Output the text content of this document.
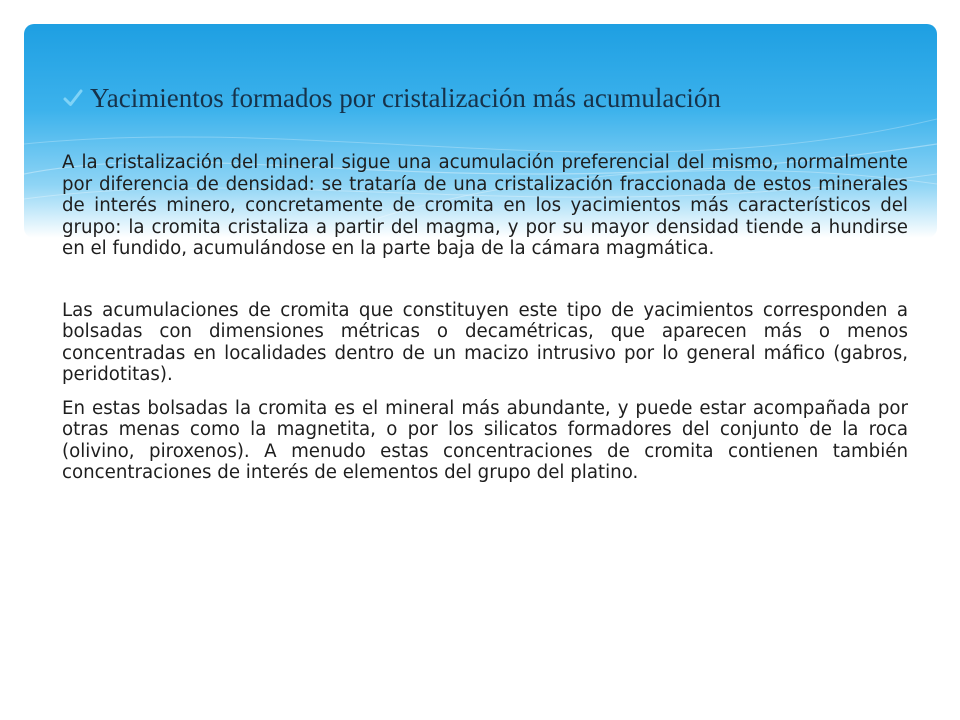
Yacimientos formados por cristalización más acumulación

A la cristalización del mineral sigue una acumulación preferencial del mismo, normalmente por diferencia de densidad: se trataría de una cristalización fraccionada de estos minerales de interés minero, concretamente de cromita en los yacimientos más característicos del grupo: la cromita cristaliza a partir del magma, y por su mayor densidad tiende a hundirse en el fundido, acumulándose en la parte baja de la cámara magmática.

Las acumulaciones de cromita que constituyen este tipo de yacimientos corresponden a bolsadas con dimensiones métricas o decamétricas, que aparecen más o menos concentradas en localidades dentro de un macizo intrusivo por lo general máfico (gabros, peridotitas).

En estas bolsadas la cromita es el mineral más abundante, y puede estar acompañada por otras menas como la magnetita, o por los silicatos formadores del conjunto de la roca (olivino, piroxenos). A menudo estas concentraciones de cromita contienen también concentraciones de interés de elementos del grupo del platino.
